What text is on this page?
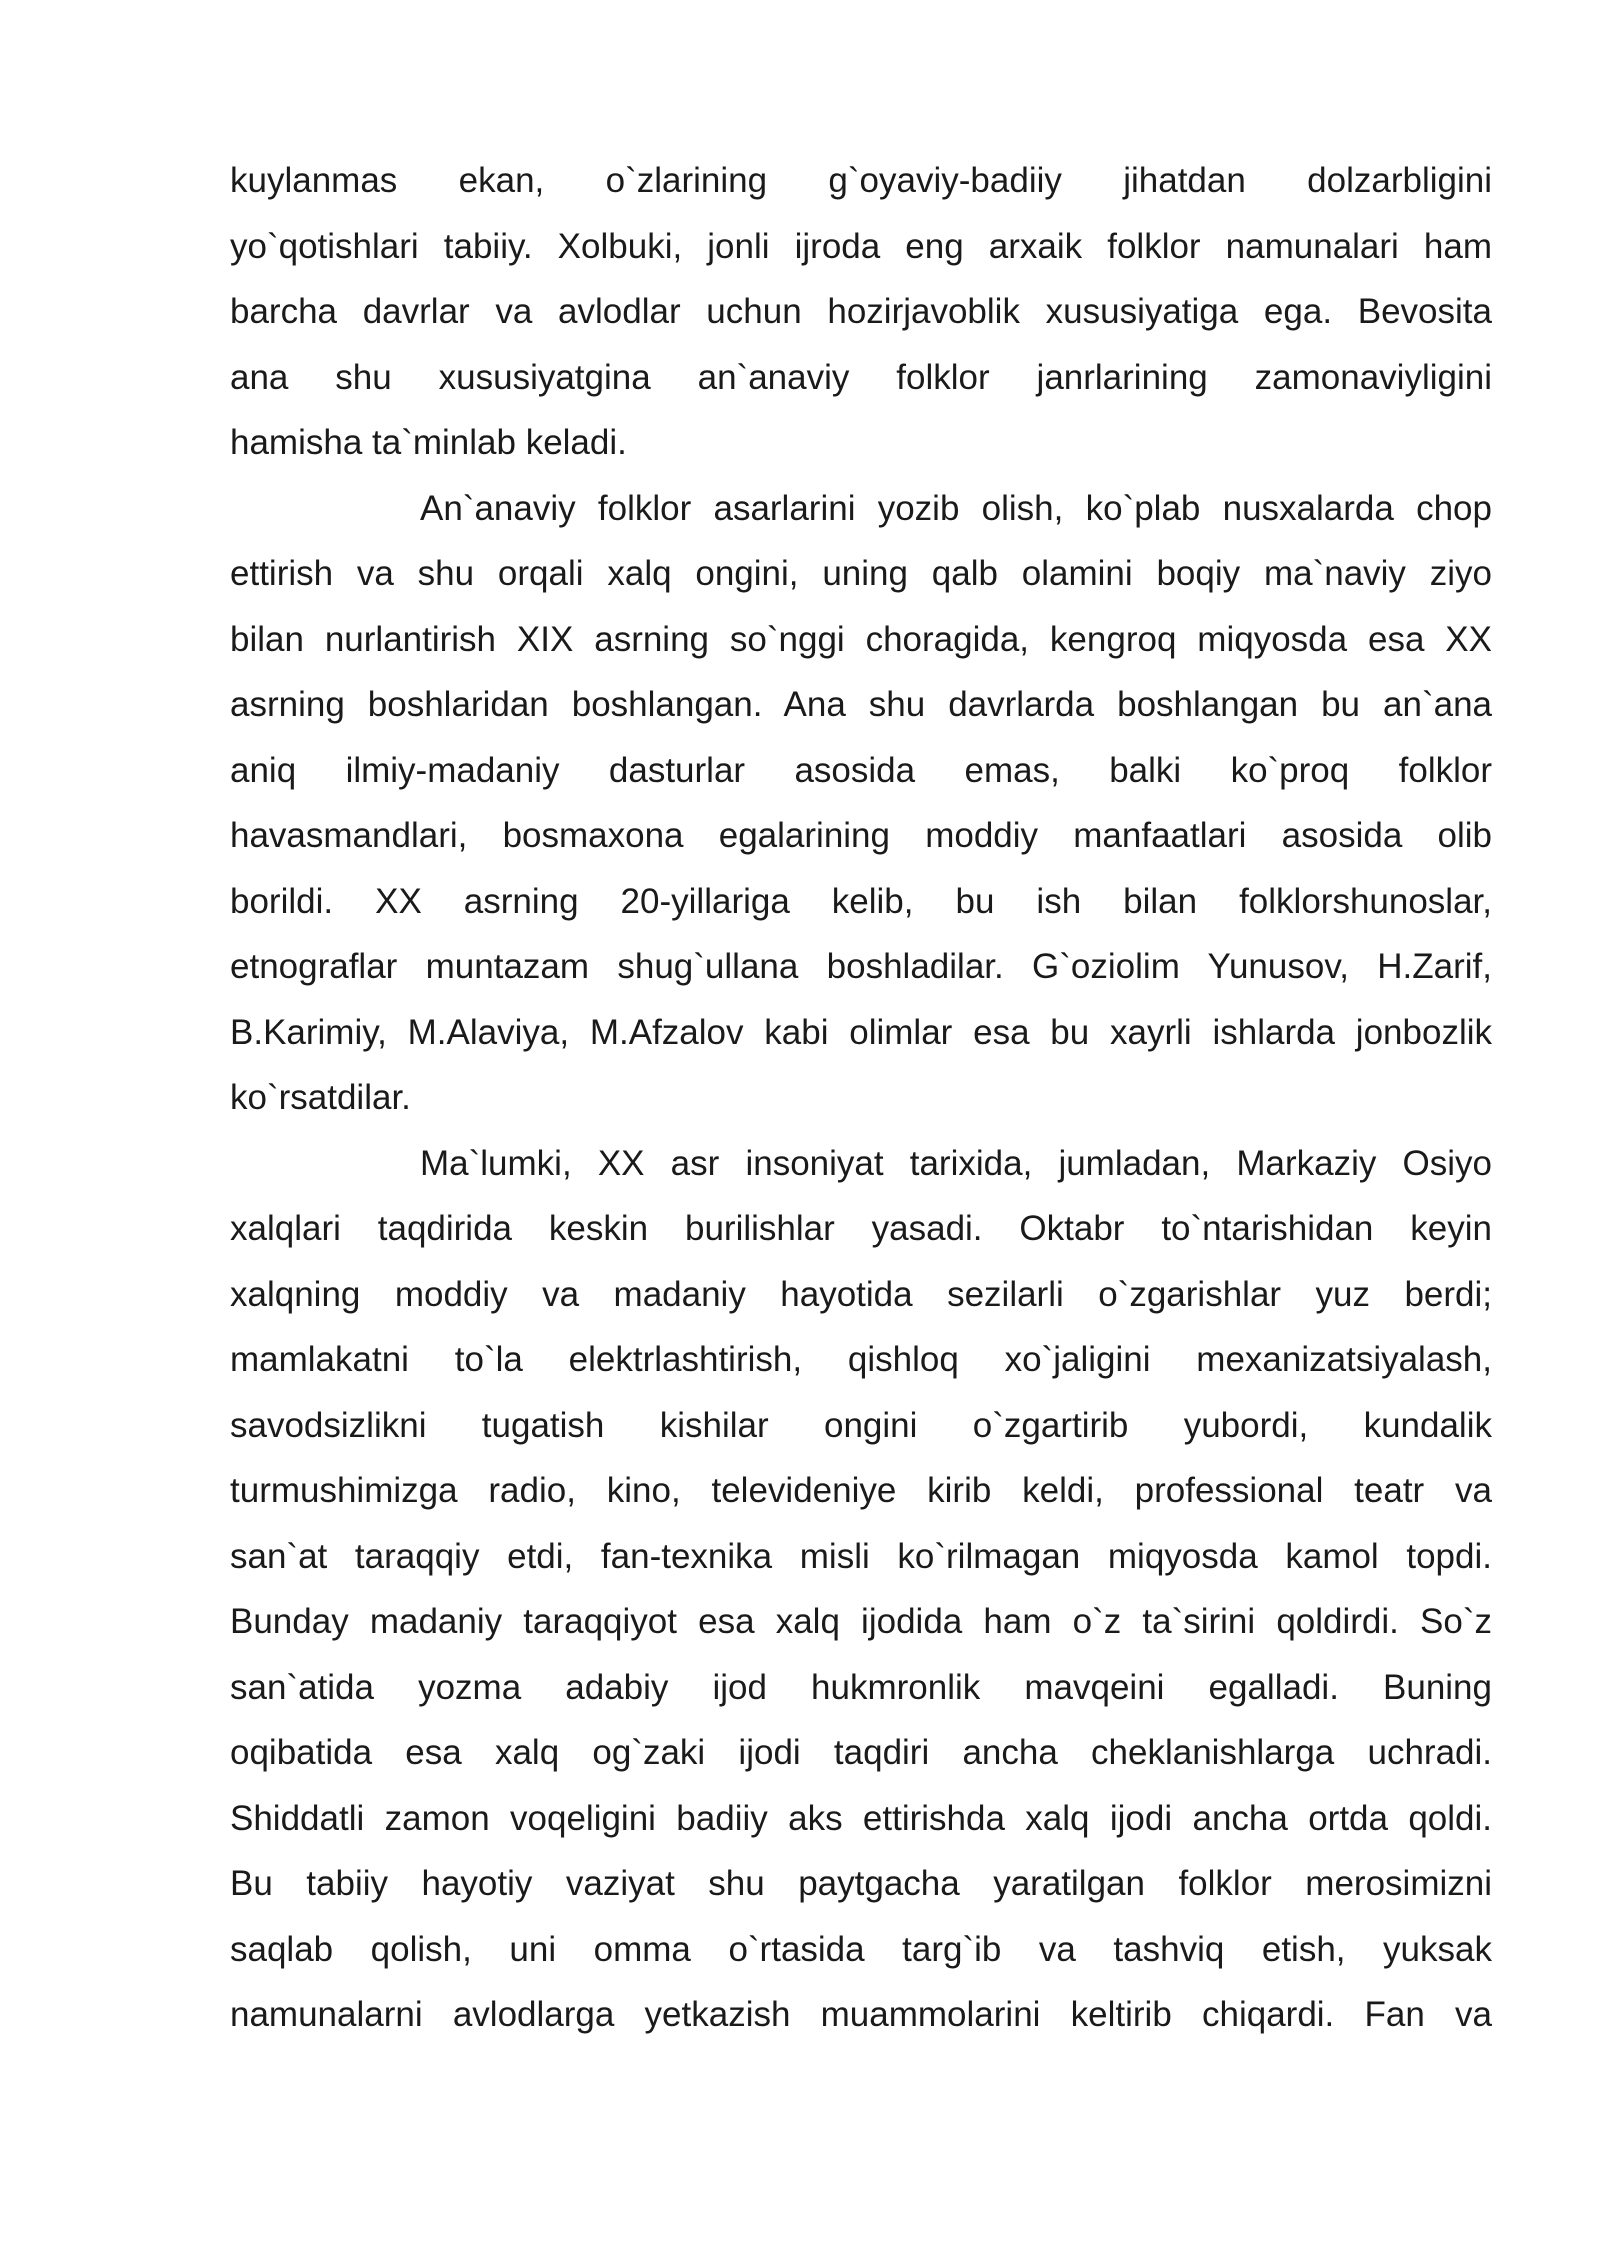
kuylanmas ekan, o`zlarining g`oyaviy-badiiy jihatdan dolzarbligini
yo`qotishlari tabiiy. Xolbuki, jonli ijroda eng arxaik folklor namunalari ham
barcha davrlar va avlodlar uchun hozirjavoblik xususiyatiga ega. Bevosita
ana shu xususiyatgina an`anaviy folklor janrlarining zamonaviyligini
hamisha ta`minlab keladi.
An`anaviy folklor asarlarini yozib olish, ko`plab nusxalarda chop
ettirish va shu orqali xalq ongini, uning qalb olamini boqiy ma`naviy ziyo
bilan nurlantirish XIX asrning so`nggi choragida, kengroq miqyosda esa XX
asrning boshlaridan boshlangan. Ana shu davrlarda boshlangan bu an`ana
aniq ilmiy-madaniy dasturlar asosida emas, balki ko`proq folklor
havasmandlari, bosmaxona egalarining moddiy manfaatlari asosida olib
borildi. XX asrning 20-yillariga kelib, bu ish bilan folklorshunoslar,
etnograflar muntazam shug`ullana boshladilar. G`oziolim Yunusov, H.Zarif,
B.Karimiy, M.Alaviya, M.Afzalov kabi olimlar esa bu xayrli ishlarda jonbozlik
ko`rsatdilar.
Ma`lumki, XX asr insoniyat tarixida, jumladan, Markaziy Osiyo
xalqlari taqdirida keskin burilishlar yasadi. Oktabr to`ntarishidan keyin
xalqning moddiy va madaniy hayotida sezilarli o`zgarishlar yuz berdi;
mamlakatni to`la elektrlashtirish, qishloq xo`jaligini mexanizatsiyalash,
savodsizlikni tugatish kishilar ongini o`zgartirib yubordi, kundalik
turmushimizga radio, kino, televideniye kirib keldi, professional teatr va
san`at taraqqiy etdi, fan-texnika misli ko`rilmagan miqyosda kamol topdi.
Bunday madaniy taraqqiyot esa xalq ijodida ham o`z ta`sirini qoldirdi. So`z
san`atida yozma adabiy ijod hukmronlik mavqeini egalladi. Buning
oqibatida esa xalq og`zaki ijodi taqdiri ancha cheklanishlarga uchradi.
Shiddatli zamon voqeligini badiiy aks ettirishda xalq ijodi ancha ortda qoldi.
Bu tabiiy hayotiy vaziyat shu paytgacha yaratilgan folklor merosimizni
saqlab qolish, uni omma o`rtasida targ`ib va tashviq etish, yuksak
namunalarni avlodlarga yetkazish muammolarini keltirib chiqardi. Fan va
